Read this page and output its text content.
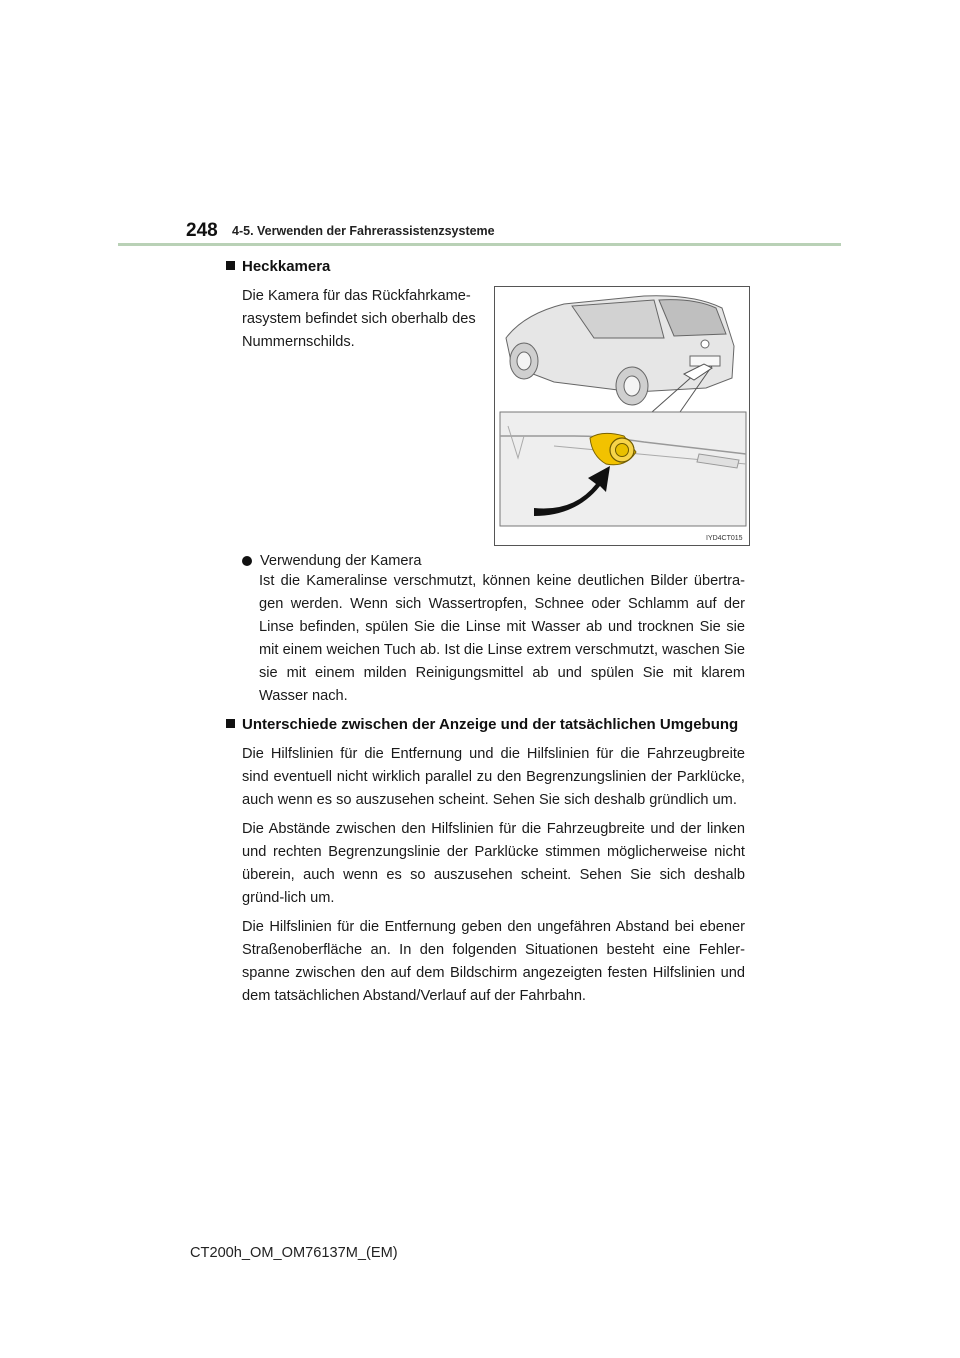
248 4-5. Verwenden der Fahrerassistenzsysteme
Heckkamera

Die Kamera für das Rückfahrkame-rasystem befindet sich oberhalb des Nummernschilds.

IYD4CT015
Verwendung der Kamera

Ist die Kameralinse verschmutzt, können keine deutlichen Bilder übertra-gen werden. Wenn sich Wassertropfen, Schnee oder Schlamm auf der Linse befinden, spülen Sie die Linse mit Wasser ab und trocknen Sie sie mit einem weichen Tuch ab. Ist die Linse extrem verschmutzt, waschen Sie sie mit einem milden Reinigungsmittel ab und spülen Sie mit klarem Wasser nach.

Unterschiede zwischen der Anzeige und der tatsächlichen Umgebung

Die Hilfslinien für die Entfernung und die Hilfslinien für die Fahrzeugbreite sind eventuell nicht wirklich parallel zu den Begrenzungslinien der Parklücke, auch wenn es so auszusehen scheint. Sehen Sie sich deshalb gründlich um.

Die Abstände zwischen den Hilfslinien für die Fahrzeugbreite und der linken und rechten Begrenzungslinie der Parklücke stimmen möglicherweise nicht überein, auch wenn es so auszusehen scheint. Sehen Sie sich deshalb gründ-lich um.

Die Hilfslinien für die Entfernung geben den ungefähren Abstand bei ebener Straßenoberfläche an. In den folgenden Situationen besteht eine Fehler-spanne zwischen den auf dem Bildschirm angezeigten festen Hilfslinien und dem tatsächlichen Abstand/Verlauf auf der Fahrbahn.

CT200h_OM_OM76137M_(EM)
